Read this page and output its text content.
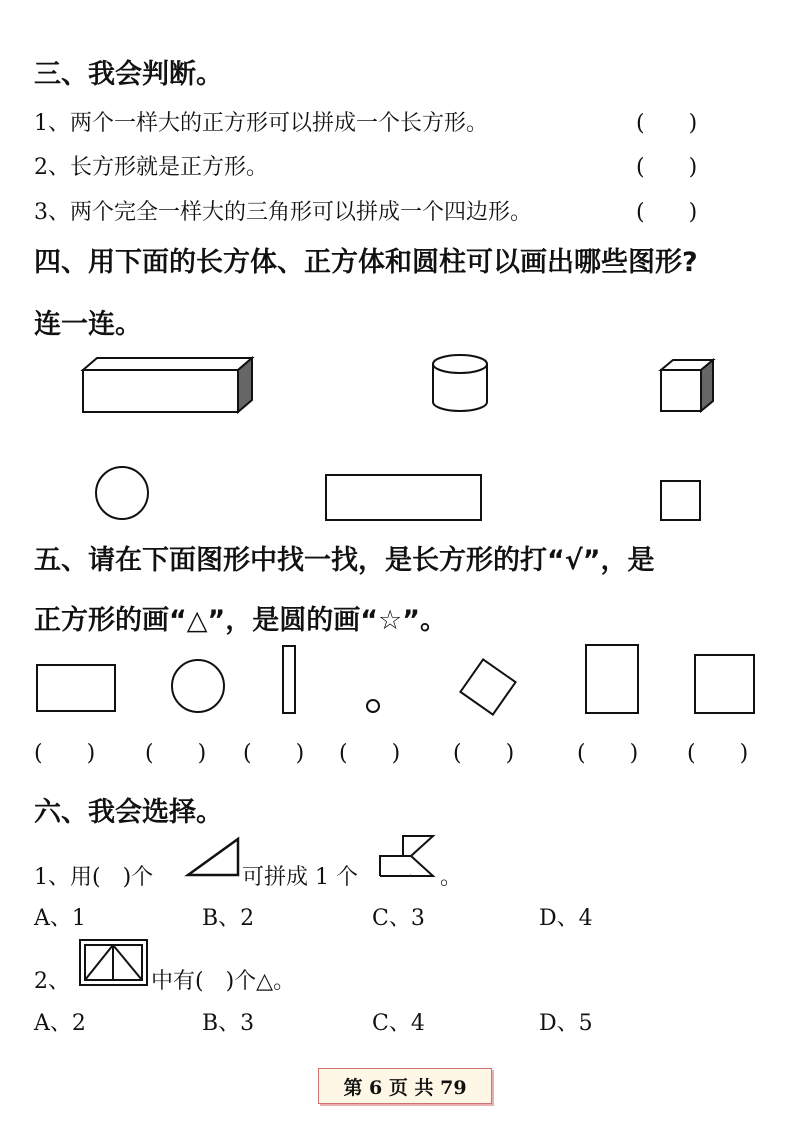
三、我会判断。
1、两个一样大的正方形可以拼成一个长方形。	(　　)
2、长方形就是正方形。	(　　)
3、两个完全一样大的三角形可以拼成一个四边形。	(　　)
四、用下面的长方体、正方体和圆柱可以画出哪些图形?
连一连。
五、请在下面图形中找一找，是长方形的打“√”，是
正方形的画“△”，是圆的画“☆”。
(　　) (　　) (　　) (　　) (　　)	(　　) (　　)
六、我会选择。
1、用(　)个	可拼成 1 个	。
A、1	B、2	C、3	D、4
2、	中有(　)个△。
A、2	B、3	C、4	D、5
第 6 页 共 79
